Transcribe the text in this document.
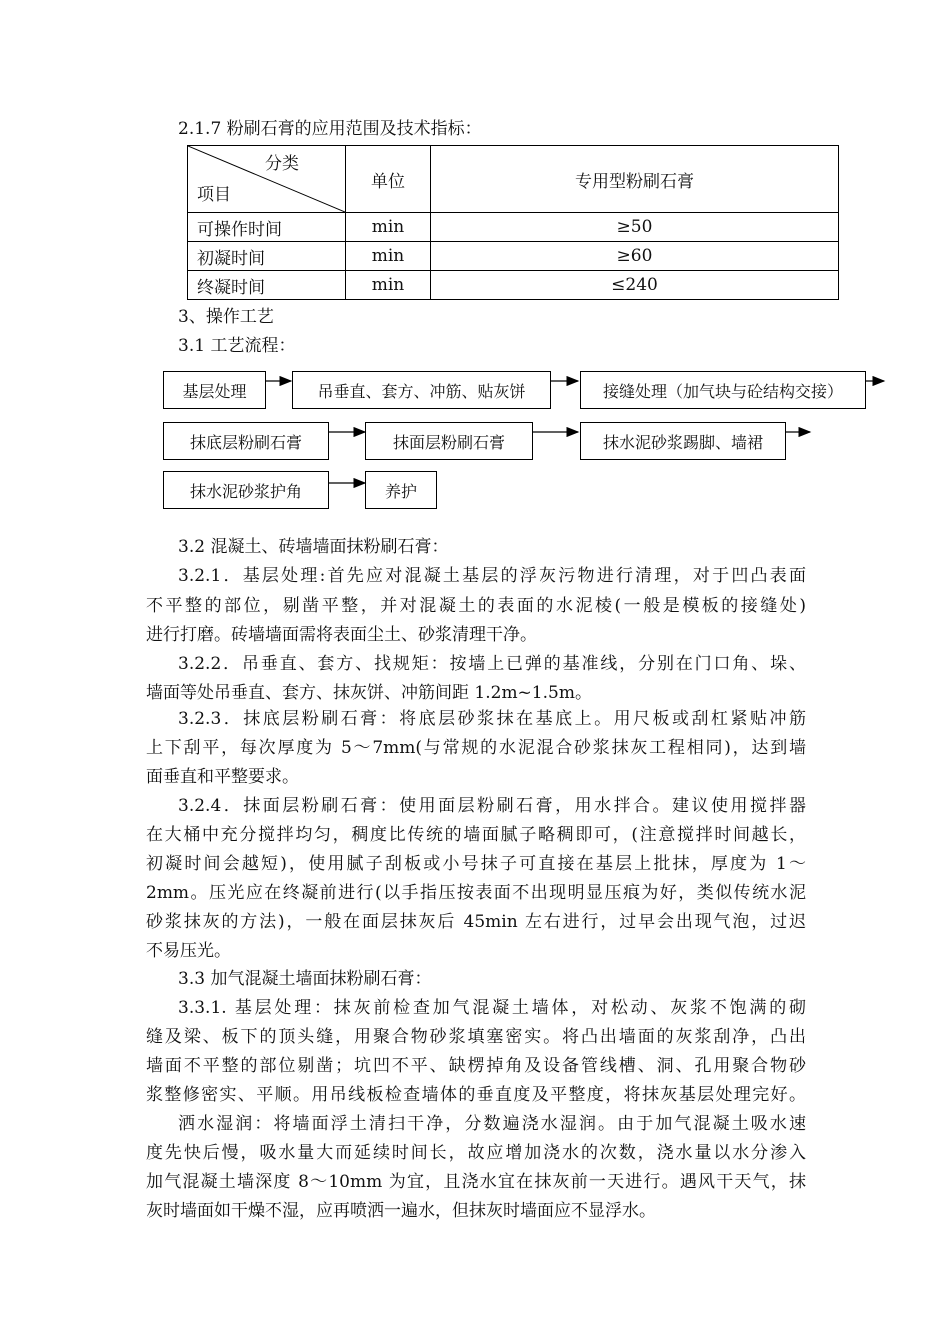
2.1.7 粉刷石膏的应用范围及技术指标：
分类
项目	单位	专用型粉刷石膏
可操作时间	min	≥50
初凝时间	min	≥60
终凝时间	min	≤240
3、操作工艺
3.1 工艺流程：
基层处理	吊垂直、套方、冲筋、贴灰饼	接缝处理（加气块与砼结构交接）
抹底层粉刷石膏	抹面层粉刷石膏	抹水泥砂浆踢脚、墙裙
抹水泥砂浆护角	养护
3.2 混凝土、砖墙墙面抹粉刷石膏：
3.2.1．基层处理:首先应对混凝土基层的浮灰污物进行清理，对于凹凸表面
不平整的部位，剔凿平整，并对混凝土的表面的水泥棱(一般是模板的接缝处)
进行打磨。砖墙墙面需将表面尘土、砂浆清理干净。
3.2.2．吊垂直、套方、找规矩：按墙上已弹的基准线，分别在门口角、垛、
墙面等处吊垂直、套方、抹灰饼、冲筋间距 1.2m~1.5m。
3.2.3．抹底层粉刷石膏：将底层砂浆抹在基底上。用尺板或刮杠紧贴冲筋
上下刮平，每次厚度为 5～7mm(与常规的水泥混合砂浆抹灰工程相同)，达到墙
面垂直和平整要求。
3.2.4．抹面层粉刷石膏：使用面层粉刷石膏，用水拌合。建议使用搅拌器
在大桶中充分搅拌均匀，稠度比传统的墙面腻子略稠即可，(注意搅拌时间越长，
初凝时间会越短)，使用腻子刮板或小号抹子可直接在基层上批抹，厚度为 1～
2mm。压光应在终凝前进行(以手指压按表面不出现明显压痕为好，类似传统水泥
砂浆抹灰的方法)，一般在面层抹灰后 45min 左右进行，过早会出现气泡，过迟
不易压光。
3.3 加气混凝土墙面抹粉刷石膏：
3.3.1. 基层处理：抹灰前检查加气混凝土墙体，对松动、灰浆不饱满的砌
缝及梁、板下的顶头缝，用聚合物砂浆填塞密实。将凸出墙面的灰浆刮净，凸出
墙面不平整的部位剔凿；坑凹不平、缺楞掉角及设备管线槽、洞、孔用聚合物砂
浆整修密实、平顺。用吊线板检查墙体的垂直度及平整度，将抹灰基层处理完好。
洒水湿润：将墙面浮土清扫干净，分数遍浇水湿润。由于加气混凝土吸水速
度先快后慢，吸水量大而延续时间长，故应增加浇水的次数，浇水量以水分渗入
加气混凝土墙深度 8～10mm 为宜，且浇水宜在抹灰前一天进行。遇风干天气，抹
灰时墙面如干燥不湿，应再喷洒一遍水，但抹灰时墙面应不显浮水。
